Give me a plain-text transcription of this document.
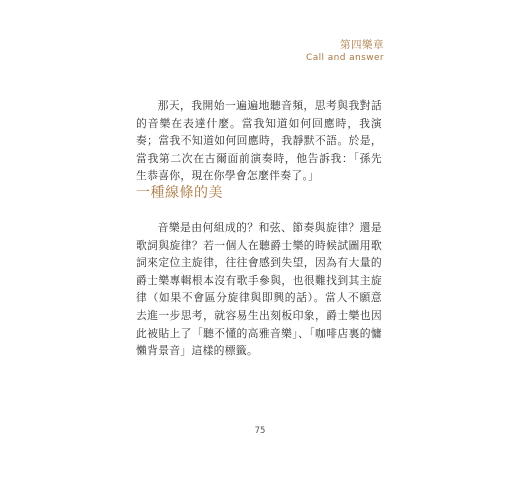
第四樂章
Call and answer

那天，我開始一遍遍地聽音頻，思考與我對話的音樂在表達什麼。當我知道如何回應時，我演奏；當我不知道如何回應時，我靜默不語。於是，當我第二次在古爾面前演奏時，他告訴我：「孫先生恭喜你，現在你學會怎麼伴奏了。」

一種線條的美

音樂是由何組成的？和弦、節奏與旋律？還是歌詞與旋律？若一個人在聽爵士樂的時候試圖用歌詞來定位主旋律，往往會感到失望，因為有大量的爵士樂專輯根本沒有歌手參與，也很難找到其主旋律（如果不會區分旋律與即興的話）。當人不願意去進一步思考，就容易生出刻板印象，爵士樂也因此被貼上了「聽不懂的高雅音樂」、「咖啡店裏的慵懶背景音」這樣的標籤。

75
